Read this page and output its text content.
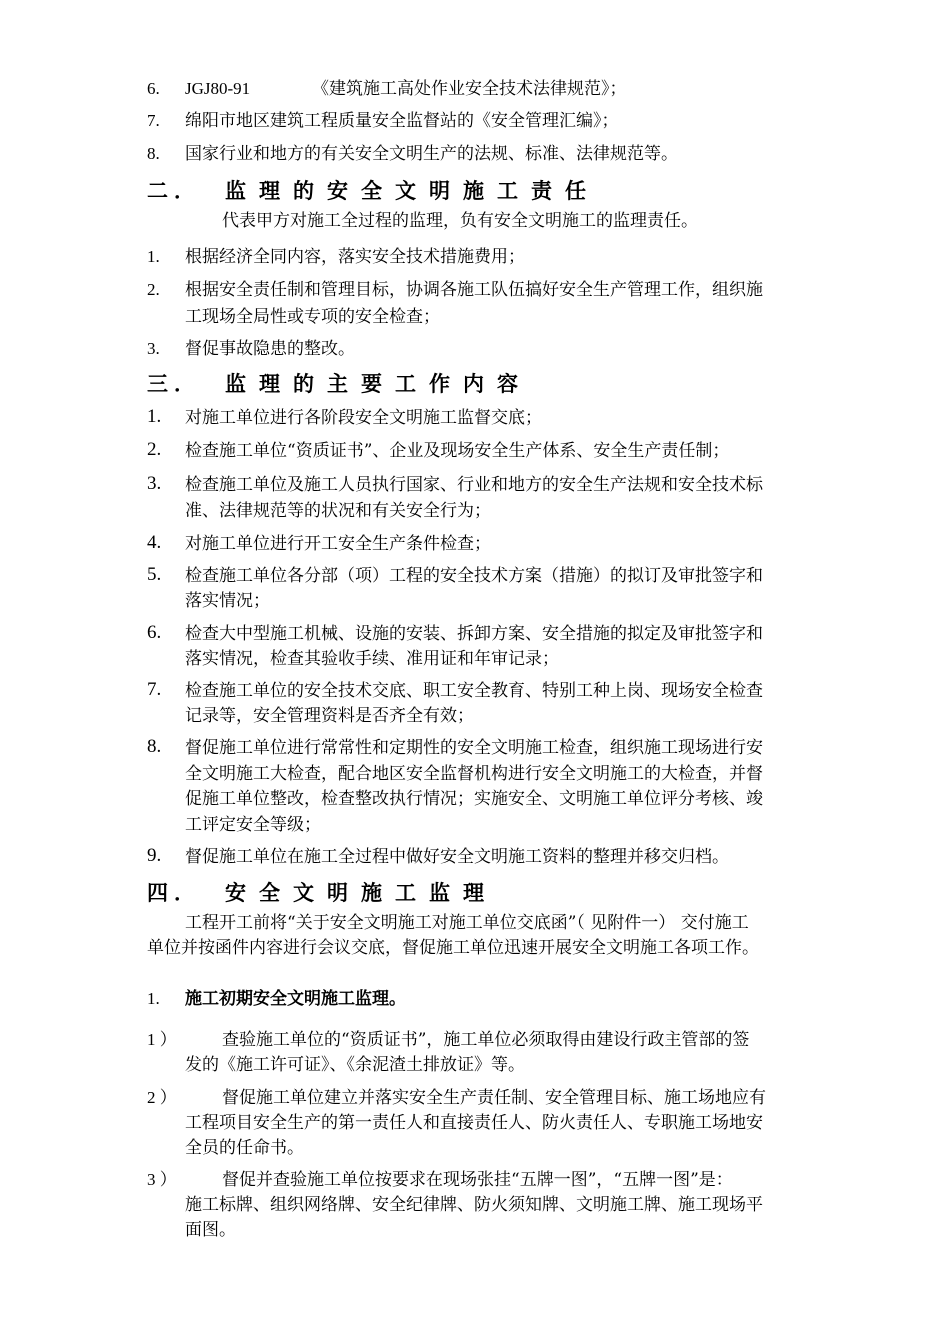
6. JGJ80-91	《建筑施工高处作业安全技术法律规范》；
7. 绵阳市地区建筑工程质量安全监督站的《安全管理汇编》；
8. 国家行业和地方的有关安全文明生产的法规、标准、法律规范等。
二． 监理的安全文明施工责任
代表甲方对施工全过程的监理，负有安全文明施工的监理责任。
1. 根据经济全同内容，落实安全技术措施费用；
2. 根据安全责任制和管理目标，协调各施工队伍搞好安全生产管理工作，组织施
工现场全局性或专项的安全检查；
3. 督促事故隐患的整改。
三． 监理的主要工作内容
1. 对施工单位进行各阶段安全文明施工监督交底；
2. 检查施工单位“资质证书”、企业及现场安全生产体系、安全生产责任制；
3. 检查施工单位及施工人员执行国家、行业和地方的安全生产法规和安全技术标
准、法律规范等的状况和有关安全行为；
4. 对施工单位进行开工安全生产条件检查；
5. 检查施工单位各分部（项）工程的安全技术方案（措施）的拟订及审批签字和
落实情况；
6. 检查大中型施工机械、设施的安装、拆卸方案、安全措施的拟定及审批签字和
落实情况，检查其验收手续、准用证和年审记录；
7. 检查施工单位的安全技术交底、职工安全教育、特别工种上岗、现场安全检查
记录等，安全管理资料是否齐全有效；
8. 督促施工单位进行常常性和定期性的安全文明施工检查，组织施工现场进行安
全文明施工大检查，配合地区安全监督机构进行安全文明施工的大检查，并督
促施工单位整改，检查整改执行情况；实施安全、文明施工单位评分考核、竣
工评定安全等级；
9. 督促施工单位在施工全过程中做好安全文明施工资料的整理并移交归档。
四． 安全文明施工监理
工程开工前将“关于安全文明施工对施工单位交底函”（ 见附件一） 交付施工
单位并按函件内容进行会议交底，督促施工单位迅速开展安全文明施工各项工作。
1. 施工初期安全文明施工监理。
1 ）	查验施工单位的“资质证书”，施工单位必须取得由建设行政主管部的签
发的《施工许可证》、《余泥渣土排放证》等。
2 ）	督促施工单位建立并落实安全生产责任制、安全管理目标、施工场地应有
工程项目安全生产的第一责任人和直接责任人、防火责任人、专职施工场地安
全员的任命书。
3 ）	督促并查验施工单位按要求在现场张挂“五牌一图”，“五牌一图”是：
施工标牌、组织网络牌、安全纪律牌、防火须知牌、文明施工牌、施工现场平
面图。
